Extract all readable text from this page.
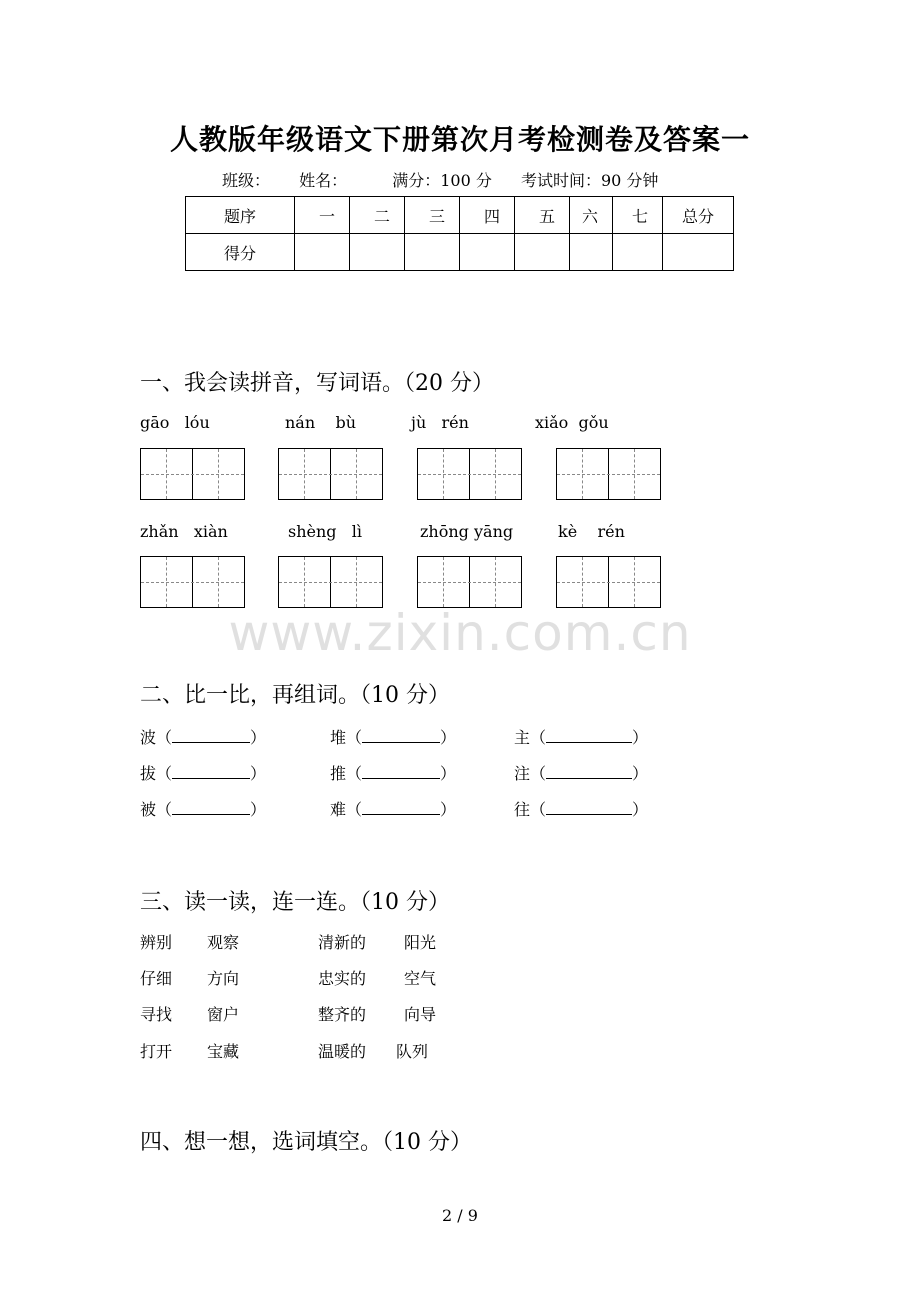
人教版年级语文下册第次月考检测卷及答案一
班级： 姓名：	满分：100 分 考试时间：90 分钟
题序	一	二	三	四	五	六	七	总分
得分								
一、我会读拼音，写词语。（20 分）
gāo lóu	nán bù	jù rén	xiǎo gǒu
zhǎn xiàn	shèng lì	zhōng yāng	kè rén
www.zixin.com.cn
二、比一比，再组词。（10 分）
波（	）	堆（	）	主（	）
拔（	）	推（	）	注（	）
被（	）	难（	）	往（	）
三、读一读，连一连。（10 分）
辨别 观察	清新的 阳光
仔细 方向	忠实的 空气
寻找 窗户	整齐的 向导
打开 宝藏	温暖的 队列
四、想一想，选词填空。（10 分）
2 / 9
